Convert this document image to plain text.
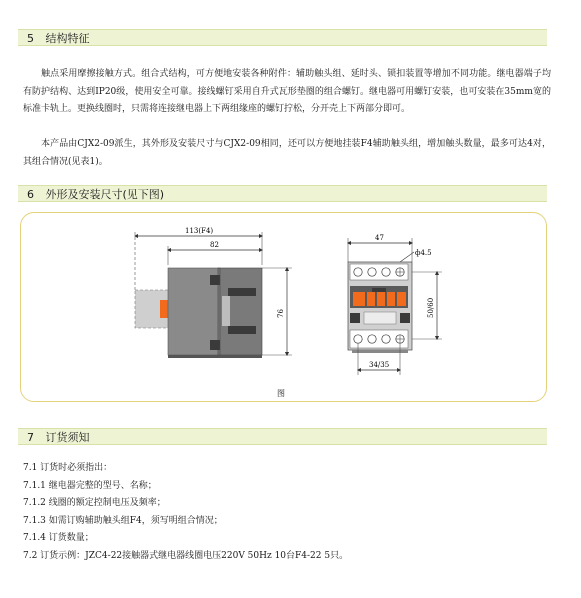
5 结构特征
触点采用摩擦接触方式。组合式结构，可方便地安装各种附件：辅助触头组、延时头、锁扣装置等增加不同功能。继电器端子均有防护结构、达到IP20级，使用安全可靠。接线螺钉采用自升式瓦形垫圈的组合螺钉。继电器可用螺钉安装，也可安装在35mm宽的标准卡轨上。更换线圈时，只需将连接继电器上下两组缘座的螺钉拧松，分开壳上下两部分即可。
本产品由CJX2-09派生，其外形及安装尺寸与CJX2-09相同，还可以方便地挂装F4辅助触头组，增加触头数量，最多可达4对，其组合情况(见表1)。
6 外形及安装尺寸(见下图)
113(F4)
82
76
47
ф4.5
50/60
34/35
图
7 订货须知
7.1 订货时必须指出：
7.1.1 继电器完整的型号、名称；
7.1.2 线圈的额定控制电压及频率；
7.1.3 如需订购辅助触头组F4，须写明组合情况；
7.1.4 订货数量；
7.2 订货示例：JZC4-22接触器式继电器线圈电压220V 50Hz 10台F4-22 5只。
